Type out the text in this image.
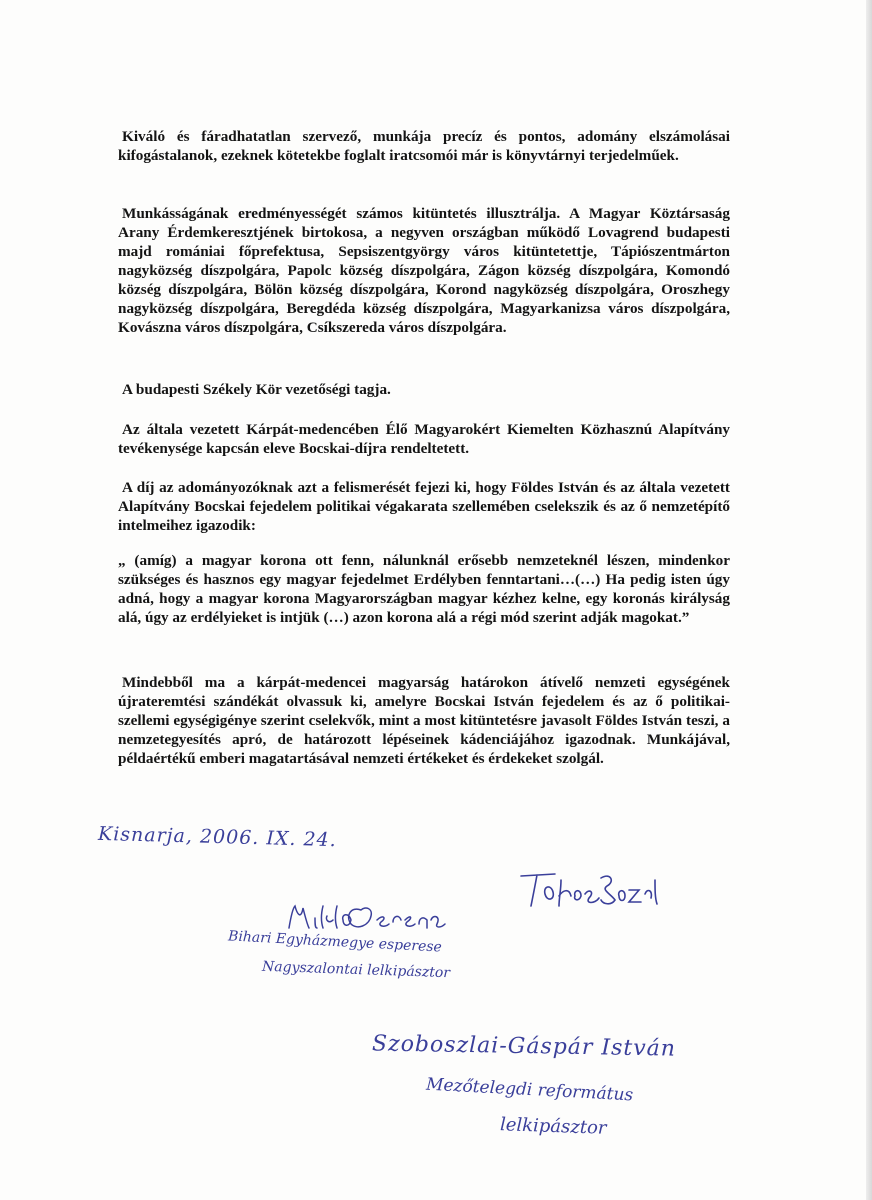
Kiváló és fáradhatatlan szervező, munkája precíz és pontos, adomány elszámolásai kifogástalanok, ezeknek kötetekbe foglalt iratcsomói már is könyvtárnyi terjedelműek.

Munkásságának eredményességét számos kitüntetés illusztrálja. A Magyar Köztársaság Arany Érdemkeresztjének birtokosa, a negyven országban működő Lovagrend budapesti majd romániai főprefektusa, Sepsiszentgyörgy város kitüntetettje, Tápiószentmárton nagyközség díszpolgára, Papolc község díszpolgára, Zágon község díszpolgára, Komondó község díszpolgára, Bölön község díszpolgára, Korond nagyközség díszpolgára, Oroszhegy nagyközség díszpolgára, Beregdéda község díszpolgára, Magyarkanizsa város díszpolgára, Kovászna város díszpolgára, Csíkszereda város díszpolgára.

A budapesti Székely Kör vezetőségi tagja.

Az általa vezetett Kárpát-medencében Élő Magyarokért Kiemelten Közhasznú Alapítvány tevékenysége kapcsán eleve Bocskai-díjra rendeltetett.

A díj az adományozóknak azt a felismerését fejezi ki, hogy Földes István és az általa vezetett Alapítvány Bocskai fejedelem politikai végakarata szellemében cselekszik és az ő nemzetépítő intelmeihez igazodik:

„ (amíg) a magyar korona ott fenn, nálunknál erősebb nemzeteknél lészen, mindenkor szükséges és hasznos egy magyar fejedelmet Erdélyben fenntartani…(…) Ha pedig isten úgy adná, hogy a magyar korona Magyarországban magyar kézhez kelne, egy koronás királyság alá, úgy az erdélyieket is intjük (…) azon korona alá a régi mód szerint adják magokat.”

Mindebből ma a kárpát-medencei magyarság határokon átívelő nemzeti egységének újrateremtési szándékát olvassuk ki, amelyre Bocskai István fejedelem és az ő politikai-szellemi egységigénye szerint cselekvők, mint a most kitüntetésre javasolt Földes István teszi, a nemzetegyesítés apró, de határozott lépéseinek kádenciájához igazodnak. Munkájával, példaértékű emberi magatartásával nemzeti értékeket és érdekeket szolgál.

Kisnarja, 2006. IX. 24.

Bihari Egyházmegye esperese

Nagyszalontai lelkipásztor

Szoboszlai-Gáspár István

Mezőtelegdi református

lelkipásztor
